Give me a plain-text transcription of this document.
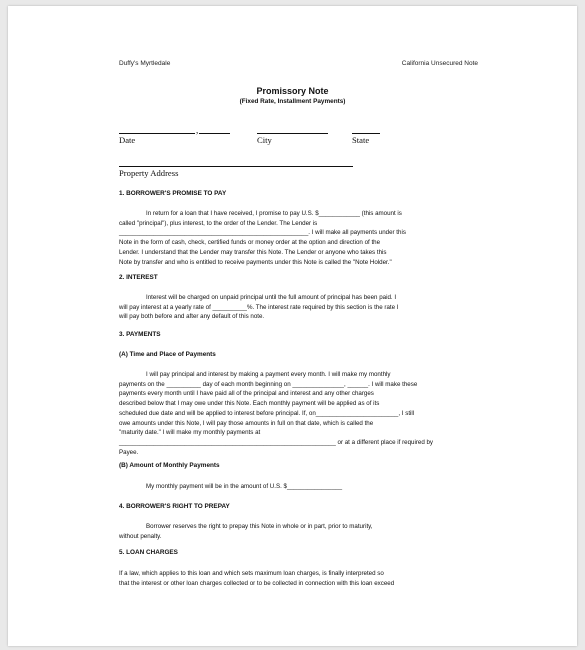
Duffy's Myrtledale	California Unsecured Note
Promissory Note
(Fixed Rate, Installment Payments)
,
Date	City	State
Property Address
1. BORROWER'S PROMISE TO PAY
In return for a loan that I have received, I promise to pay U.S. $____________ (this amount is
called "principal"), plus interest, to the order of the Lender. The Lender is
_______________________________________________________. I will make all payments under this
Note in the form of cash, check, certified funds or money order at the option and direction of the
Lender. I understand that the Lender may transfer this Note. The Lender or anyone who takes this
Note by transfer and who is entitled to receive payments under this Note is called the "Note Holder."
2. INTEREST
Interest will be charged on unpaid principal until the full amount of principal has been paid. I
will pay interest at a yearly rate of __________%. The interest rate required by this section is the rate I
will pay both before and after any default of this note.
3. PAYMENTS
(A) Time and Place of Payments
I will pay principal and interest by making a payment every month. I will make my monthly
payments on the __________ day of each month beginning on _______________, ______. I will make these
payments every month until I have paid all of the principal and interest and any other charges
described below that I may owe under this Note. Each monthly payment will be applied as of its
scheduled due date and will be applied to interest before principal. If, on________________________, I still
owe amounts under this Note, I will pay those amounts in full on that date, which is called the
"maturity date." I will make my monthly payments at
_______________________________________________________________ or at a different place if required by
Payee.
(B) Amount of Monthly Payments
My monthly payment will be in the amount of U.S. $________________
4. BORROWER'S RIGHT TO PREPAY
Borrower reserves the right to prepay this Note in whole or in part, prior to maturity,
without penalty.
5. LOAN CHARGES
If a law, which applies to this loan and which sets maximum loan charges, is finally interpreted so
that the interest or other loan charges collected or to be collected in connection with this loan exceed
